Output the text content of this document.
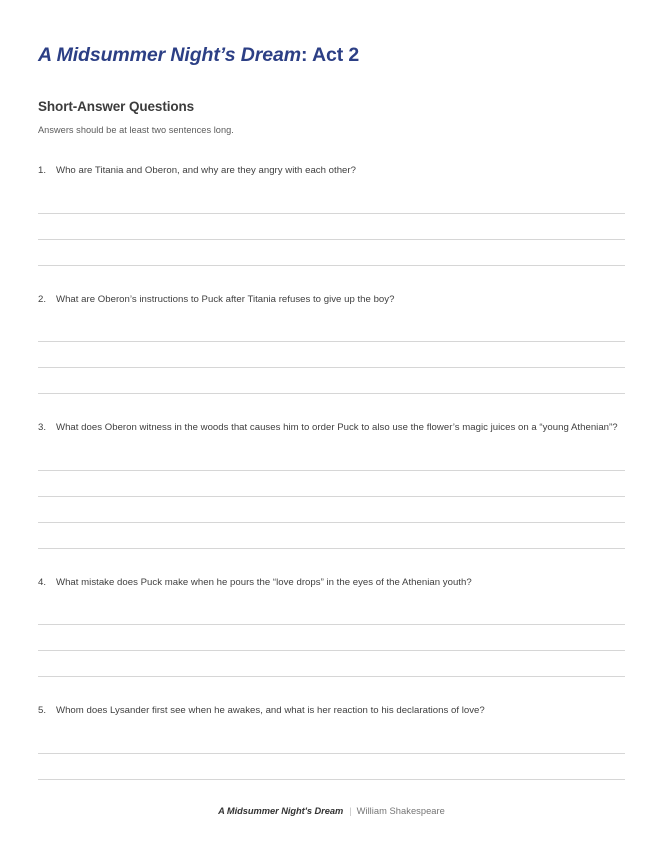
A Midsummer Night’s Dream: Act 2
Short-Answer Questions
Answers should be at least two sentences long.
1. Who are Titania and Oberon, and why are they angry with each other?
2. What are Oberon’s instructions to Puck after Titania refuses to give up the boy?
3. What does Oberon witness in the woods that causes him to order Puck to also use the flower’s magic juices on a “young Athenian”?
4. What mistake does Puck make when he pours the “love drops” in the eyes of the Athenian youth?
5. Whom does Lysander first see when he awakes, and what is her reaction to his declarations of love?
A Midsummer Night's Dream | William Shakespeare
